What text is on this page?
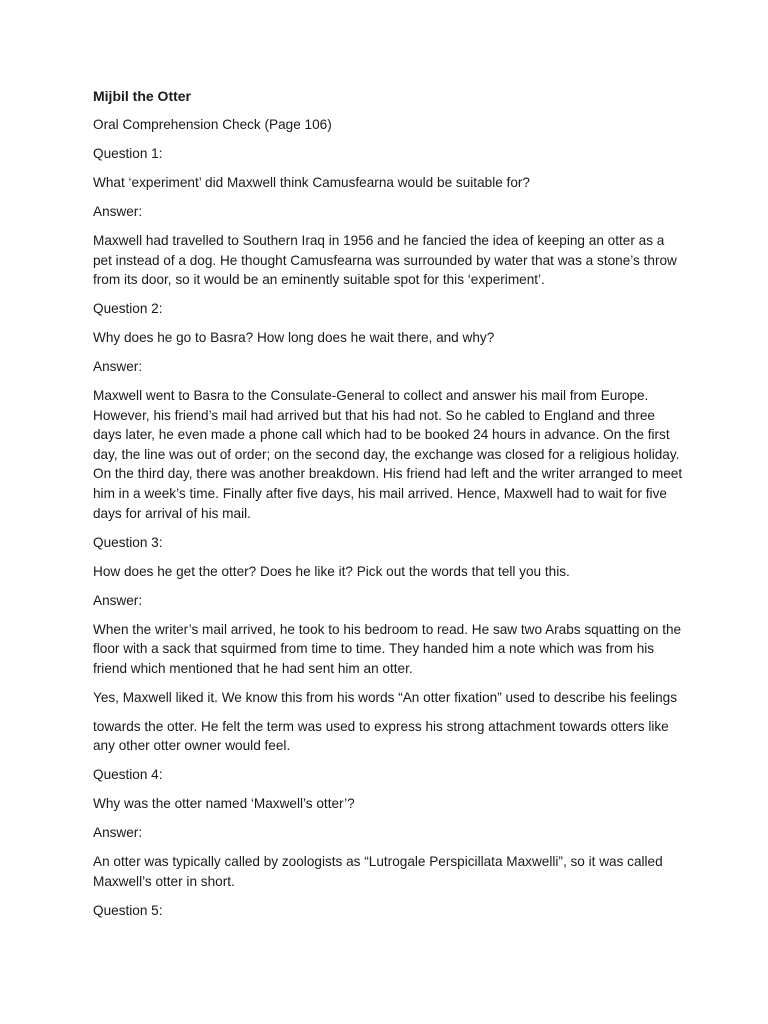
Mijbil the Otter

Oral Comprehension Check (Page 106)

Question 1:

What ‘experiment’ did Maxwell think Camusfearna would be suitable for?

Answer:

Maxwell had travelled to Southern Iraq in 1956 and he fancied the idea of keeping an otter as a pet instead of a dog. He thought Camusfearna was surrounded by water that was a stone’s throw from its door, so it would be an eminently suitable spot for this ‘experiment’.

Question 2:

Why does he go to Basra? How long does he wait there, and why?

Answer:

Maxwell went to Basra to the Consulate-General to collect and answer his mail from Europe. However, his friend’s mail had arrived but that his had not. So he cabled to England and three days later, he even made a phone call which had to be booked 24 hours in advance. On the first day, the line was out of order; on the second day, the exchange was closed for a religious holiday. On the third day, there was another breakdown. His friend had left and the writer arranged to meet him in a week’s time. Finally after five days, his mail arrived. Hence, Maxwell had to wait for five days for arrival of his mail.

Question 3:

How does he get the otter? Does he like it? Pick out the words that tell you this.

Answer:

When the writer’s mail arrived, he took to his bedroom to read. He saw two Arabs squatting on the floor with a sack that squirmed from time to time. They handed him a note which was from his friend which mentioned that he had sent him an otter.

Yes, Maxwell liked it. We know this from his words “An otter fixation” used to describe his feelings

towards the otter. He felt the term was used to express his strong attachment towards otters like any other otter owner would feel.

Question 4:

Why was the otter named ‘Maxwell’s otter’?

Answer:

An otter was typically called by zoologists as “Lutrogale Perspicillata Maxwelli”, so it was called Maxwell’s otter in short.

Question 5:
